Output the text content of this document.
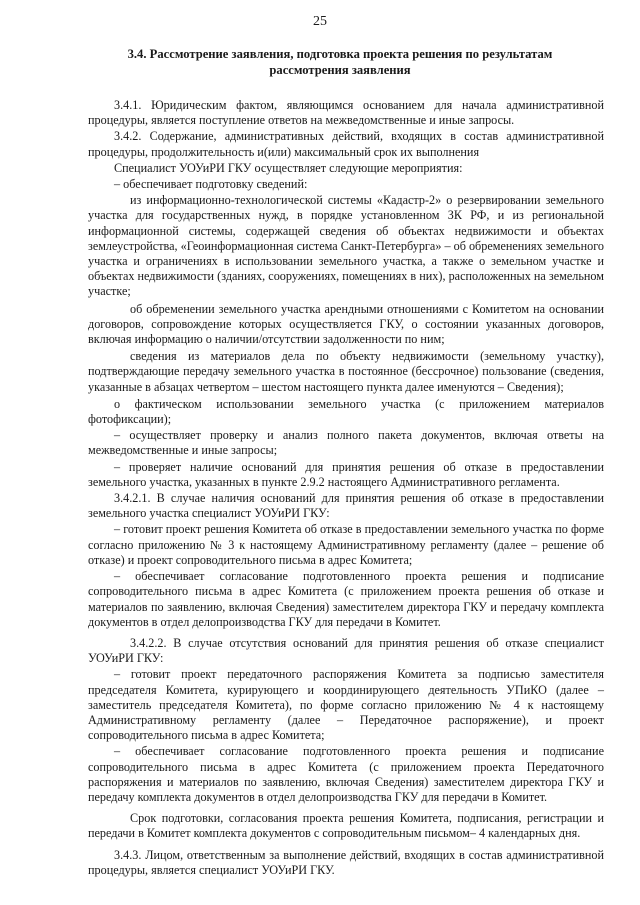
25
3.4. Рассмотрение заявления, подготовка проекта решения по результатам
рассмотрения заявления

3.4.1. Юридическим фактом, являющимся основанием для начала административной процедуры, является поступление ответов на межведомственные и иные запросы.

3.4.2. Содержание, административных действий, входящих в состав административной процедуры, продолжительность и(или) максимальный срок их выполнения

Специалист УОУиРИ ГКУ осуществляет следующие мероприятия:

– обеспечивает подготовку сведений:

из информационно-технологической системы «Кадастр-2» о резервировании земельного участка для государственных нужд, в порядке установленном ЗК РФ, и из региональной информационной системы, содержащей сведения об объектах недвижимости и объектах землеустройства, «Геоинформационная система Санкт-Петербурга» – об обременениях земельного участка и ограничениях в использовании земельного участка, а также о земельном участке и объектах недвижимости (зданиях, сооружениях, помещениях в них), расположенных на земельном участке;

об обременении земельного участка арендными отношениями с Комитетом на основании договоров, сопровождение которых осуществляется ГКУ, о состоянии указанных договоров, включая информацию о наличии/отсутствии задолженности по ним;

сведения из материалов дела по объекту недвижимости (земельному участку), подтверждающие передачу земельного участка в постоянное (бессрочное) пользование (сведения, указанные в абзацах четвертом – шестом настоящего пункта далее именуются – Сведения);

о фактическом использовании земельного участка (с приложением материалов фотофиксации);

– осуществляет проверку и анализ полного пакета документов, включая ответы на межведомственные и иные запросы;

– проверяет наличие оснований для принятия решения об отказе в предоставлении земельного участка, указанных в пункте 2.9.2 настоящего Административного регламента.

3.4.2.1. В случае наличия оснований для принятия решения об отказе в предоставлении земельного участка специалист УОУиРИ ГКУ:

– готовит проект решения Комитета об отказе в предоставлении земельного участка по форме согласно приложению № 3 к настоящему Административному регламенту (далее – решение об отказе) и проект сопроводительного письма в адрес Комитета;

– обеспечивает согласование подготовленного проекта решения и подписание сопроводительного письма в адрес Комитета (с приложением проекта решения об отказе и материалов по заявлению, включая Сведения) заместителем директора ГКУ и передачу комплекта документов в отдел делопроизводства ГКУ для передачи в Комитет.

3.4.2.2. В случае отсутствия оснований для принятия решения об отказе специалист УОУиРИ ГКУ:

– готовит проект передаточного распоряжения Комитета за подписью заместителя председателя Комитета, курирующего и координирующего деятельность УПиКО (далее – заместитель председателя Комитета), по форме согласно приложению № 4 к настоящему Административному регламенту (далее – Передаточное распоряжение), и проект сопроводительного письма в адрес Комитета;

– обеспечивает согласование подготовленного проекта решения и подписание сопроводительного письма в адрес Комитета (с приложением проекта Передаточного распоряжения и материалов по заявлению, включая Сведения) заместителем директора ГКУ и передачу комплекта документов в отдел делопроизводства ГКУ для передачи в Комитет.

Срок подготовки, согласования проекта решения Комитета, подписания, регистрации и передачи в Комитет комплекта документов с сопроводительным письмом– 4 календарных дня.

3.4.3. Лицом, ответственным за выполнение действий, входящих в состав административной процедуры, является специалист УОУиРИ ГКУ.
